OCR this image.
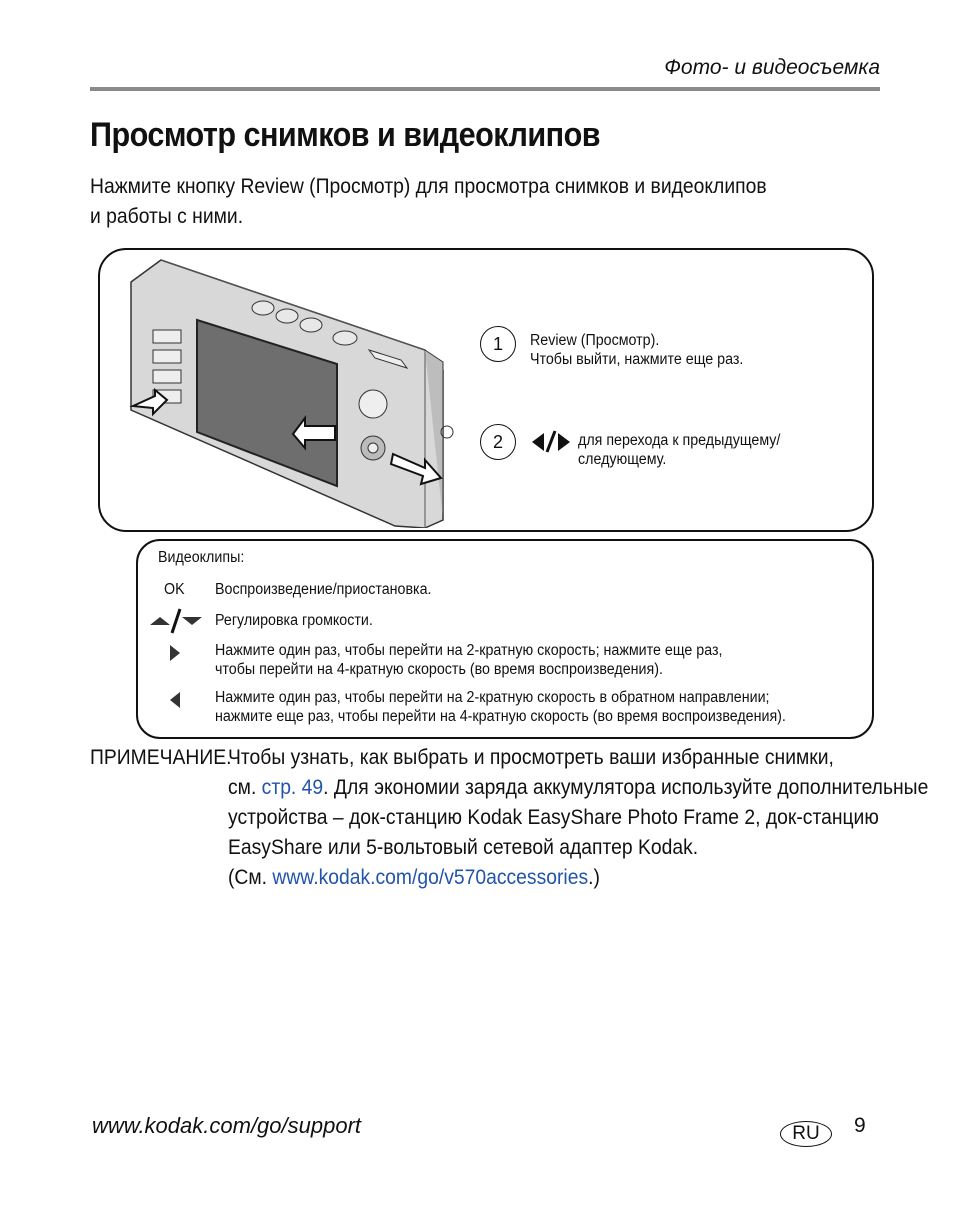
Фото- и видеосъемка
Просмотр снимков и видеоклипов
Нажмите кнопку Review (Просмотр) для просмотра снимков и видеоклипов
и работы с ними.
1	Review (Просмотр).
Чтобы выйти, нажмите еще раз.
2	для перехода к предыдущему/
следующему.
Видеоклипы:
OK Воспроизведение/приостановка.
Регулировка громкости.
Нажмите один раз, чтобы перейти на 2-кратную скорость; нажмите еще раз,
чтобы перейти на 4-кратную скорость (во время воспроизведения).
Нажмите один раз, чтобы перейти на 2-кратную скорость в обратном направлении;
нажмите еще раз, чтобы перейти на 4-кратную скорость (во время воспроизведения).
ПРИМЕЧАНИЕ.
Чтобы узнать, как выбрать и просмотреть ваши избранные снимки,
см. стр. 49. Для экономии заряда аккумулятора используйте дополнительные
устройства – док-станцию Kodak EasyShare Photo Frame 2, док-станцию
EasyShare или 5-вольтовый сетевой адаптер Kodak.
(См. www.kodak.com/go/v570accessories.)
www.kodak.com/go/support	RU	9
